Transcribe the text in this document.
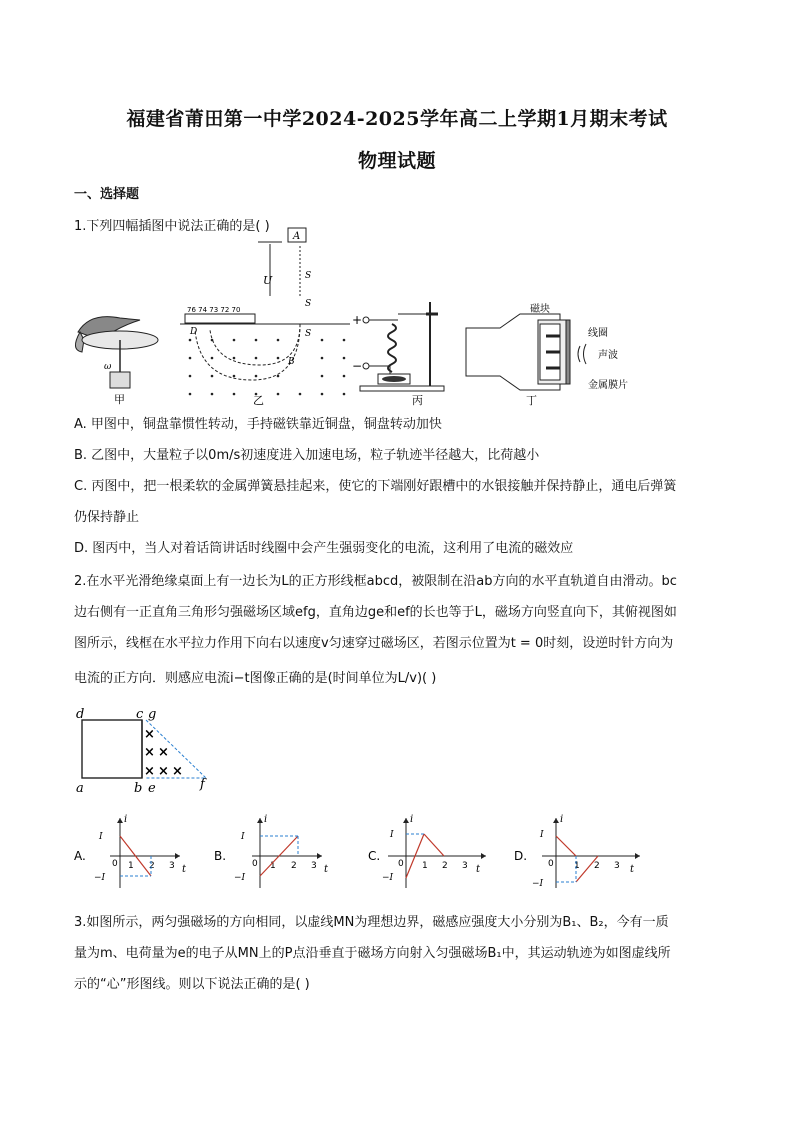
福建省莆田第一中学2024-2025学年高二上学期1月期末考试
物理试题
一、选择题
1.下列四幅插图中说法正确的是( )
ω
甲
A
U	S
S
S
76 74 73 72 70
D
B
乙
+
−
丙
磁块
线圈
声波
金属膜片
丁
A. 甲图中，铜盘靠惯性转动，手持磁铁靠近铜盘，铜盘转动加快
B. 乙图中，大量粒子以0m/s初速度进入加速电场，粒子轨迹半径越大，比荷越小
C. 丙图中，把一根柔软的金属弹簧悬挂起来，使它的下端刚好跟槽中的水银接触并保持静止，通电后弹簧
仍保持静止
D. 图丙中，当人对着话筒讲话时线圈中会产生强弱变化的电流，这利用了电流的磁效应
2.在水平光滑绝缘桌面上有一边长为L的正方形线框abcd，被限制在沿ab方向的水平直轨道自由滑动。bc
边右侧有一正直角三角形匀强磁场区域efg，直角边ge和ef的长也等于L，磁场方向竖直向下，其俯视图如
图所示，线框在水平拉力作用下向右以速度v匀速穿过磁场区，若图示位置为t = 0时刻，设逆时针方向为
电流的正方向．则感应电流i−t图像正确的是(时间单位为L/v)( )
d	c g
a	b e	f
×
× ×
× × ×
A.
i
t
I
−I
0 1 2 3
B.
i
t
I
−I
0 1 2 3
C.
i
t
I
−I
0 1 2 3
D.
i
t
I
−I
0 1 2 3
3.如图所示，两匀强磁场的方向相同，以虚线MN为理想边界，磁感应强度大小分别为B₁、B₂，今有一质
量为m、电荷量为e的电子从MN上的P点沿垂直于磁场方向射入匀强磁场B₁中，其运动轨迹为如图虚线所
示的“心”形图线。则以下说法正确的是( )
